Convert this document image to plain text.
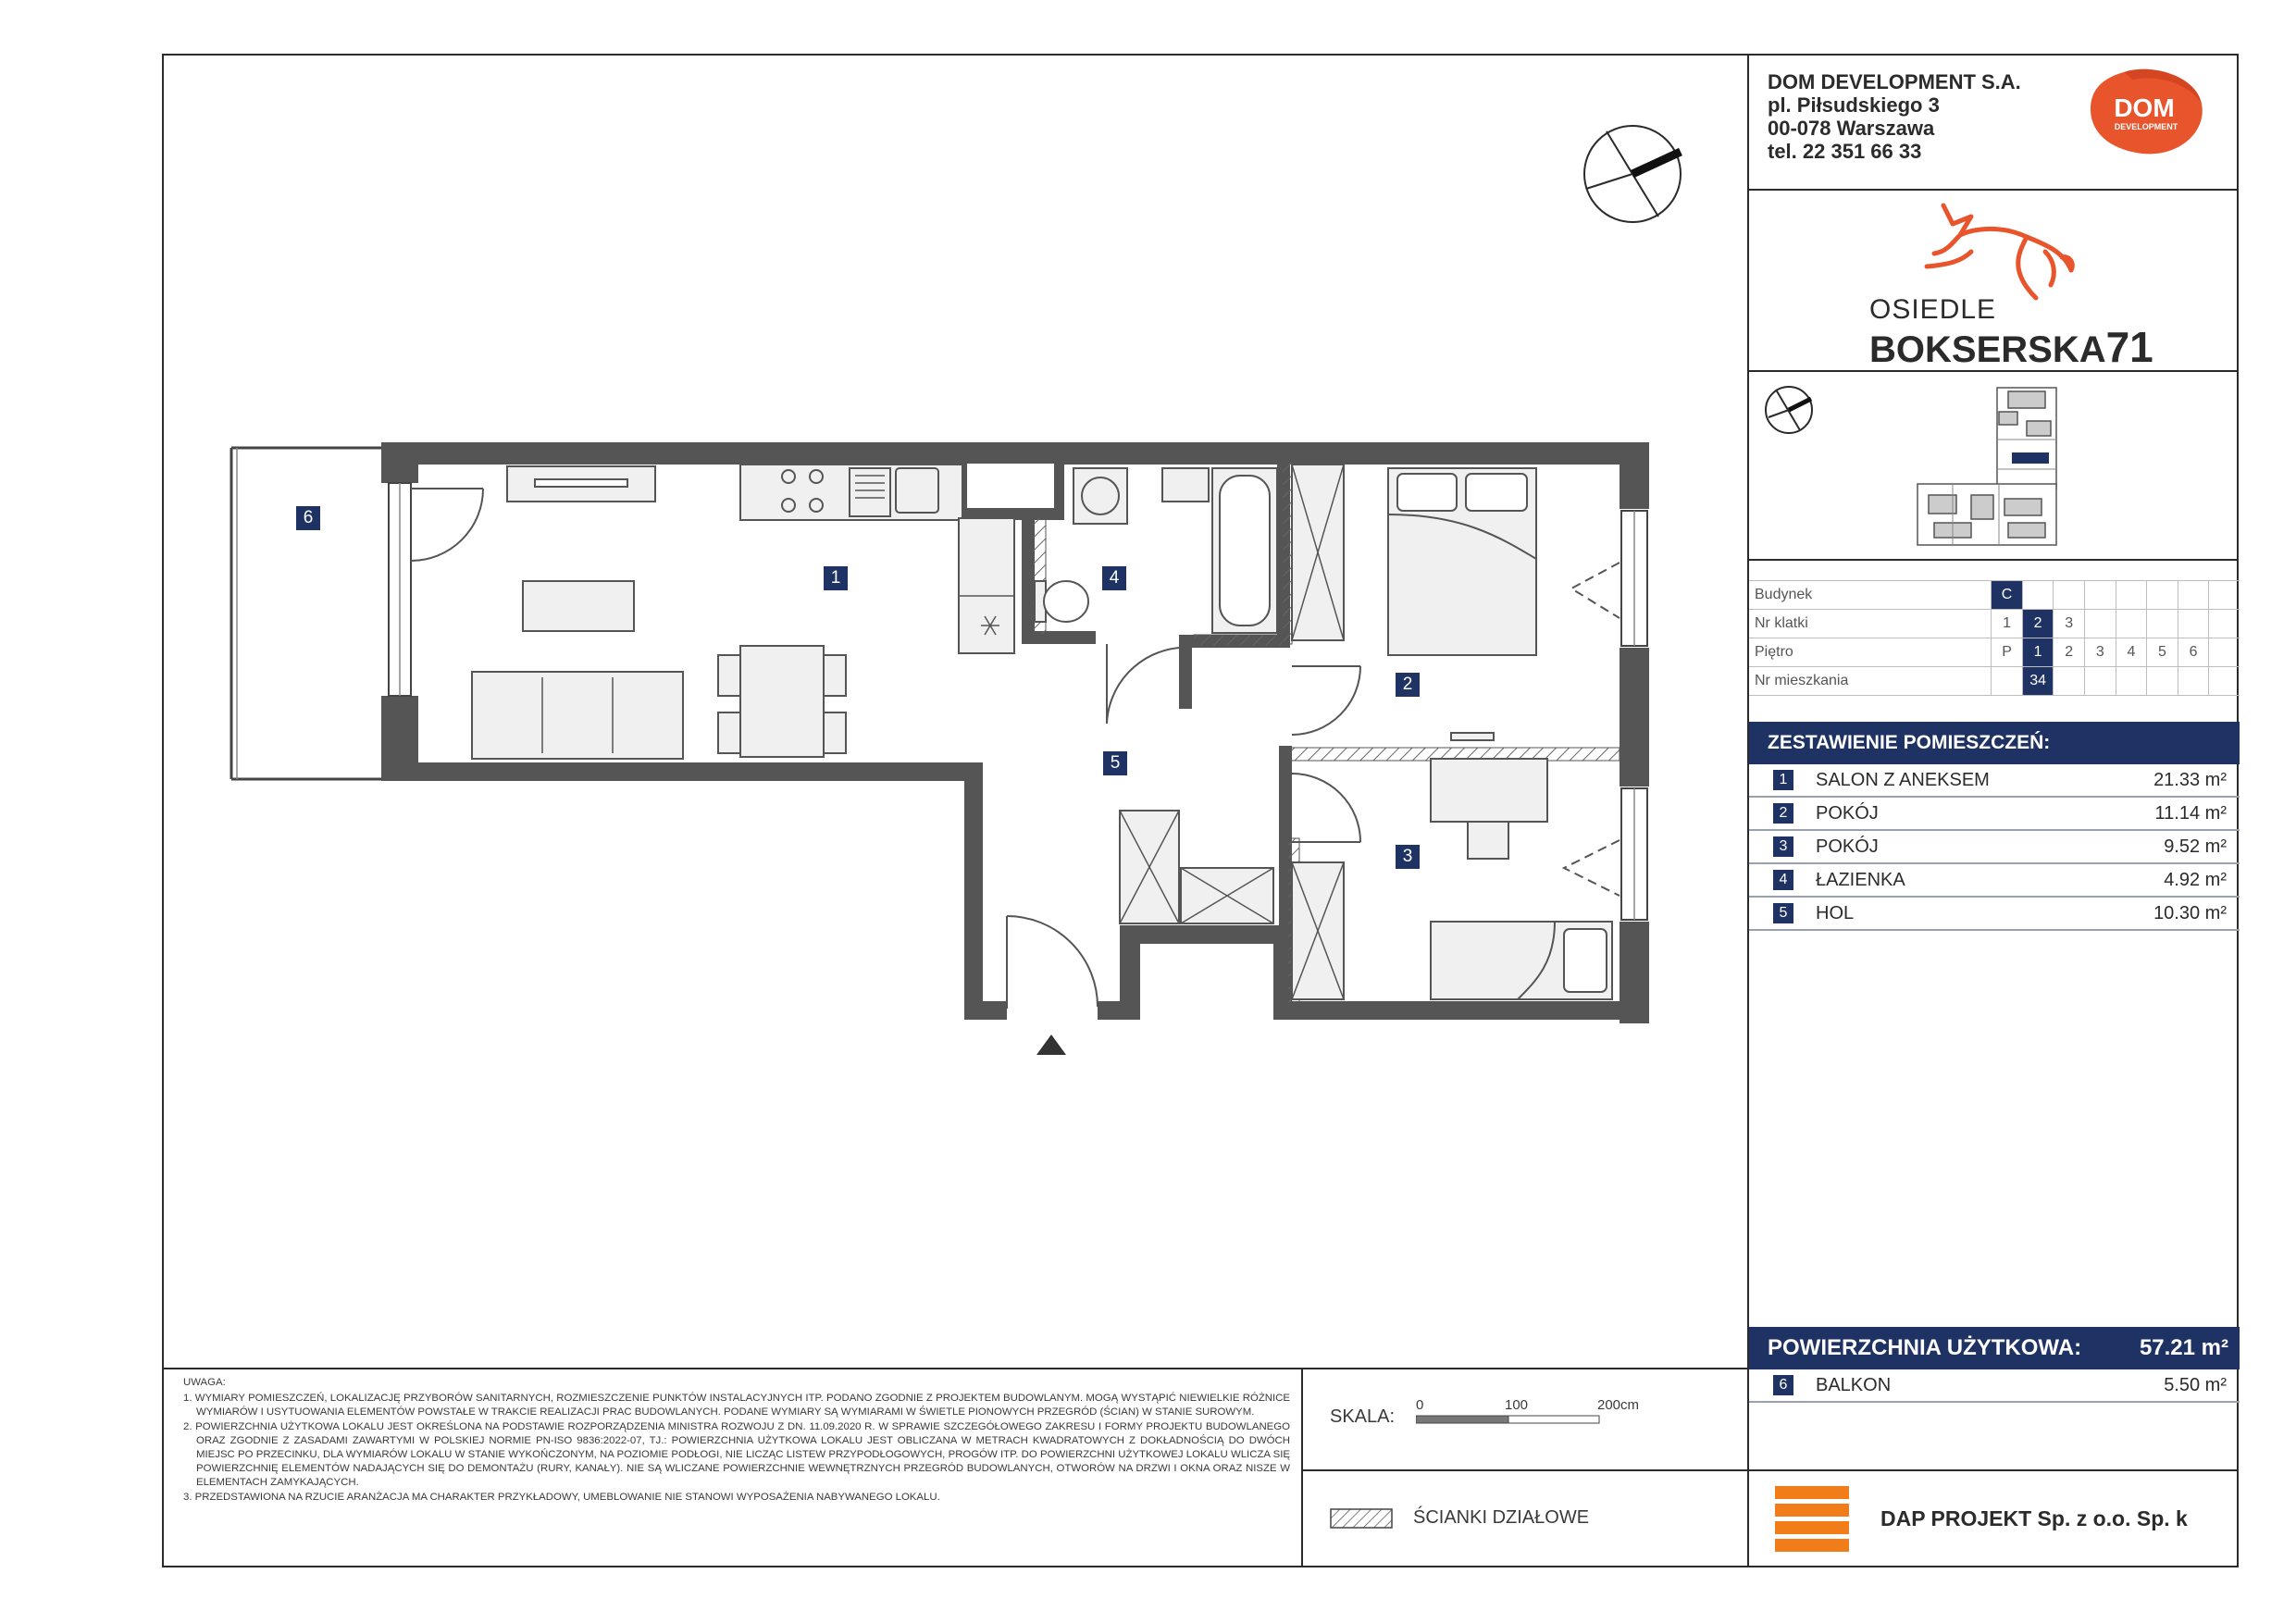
DOM DEVELOPMENT S.A.
pl. Piłsudskiego 3
00-078 Warszawa
tel. 22 351 66 33
DOM
DEVELOPMENT
OSIEDLE
BOKSERSKA71
Budynek	C							
Nr klatki	1	2	3					
Piętro	P	1	2	3	4	5	6	
Nr mieszkania		34						
ZESTAWIENIE POMIESZCZEŃ:
1	SALON Z ANEKSEM	21.33 m²
2	POKÓJ	11.14 m²
3	POKÓJ	9.52 m²
4	ŁAZIENKA	4.92 m²
5	HOL	10.30 m²
POWIERZCHNIA UŻYTKOWA:	57.21 m²
6	BALKON	5.50 m²
DAP PROJEKT Sp. z o.o. Sp. k
SKALA:
0	100	200cm
ŚCIANKI DZIAŁOWE
UWAGA:

1. WYMIARY POMIESZCZEŃ, LOKALIZACJĘ PRZYBORÓW SANITARNYCH, ROZMIESZCZENIE PUNKTÓW INSTALACYJNYCH ITP. PODANO ZGODNIE Z PROJEKTEM BUDOWLANYM. MOGĄ WYSTĄPIĆ NIEWIELKIE RÓŻNICE WYMIARÓW I USYTUOWANIA ELEMENTÓW POWSTAŁE W TRAKCIE REALIZACJI PRAC BUDOWLANYCH. PODANE WYMIARY SĄ WYMIARAMI W ŚWIETLE PIONOWYCH PRZEGRÓD (ŚCIAN) W STANIE SUROWYM.

2. POWIERZCHNIA UŻYTKOWA LOKALU JEST OKREŚLONA NA PODSTAWIE ROZPORZĄDZENIA MINISTRA ROZWOJU Z DN. 11.09.2020 R. W SPRAWIE SZCZEGÓŁOWEGO ZAKRESU I FORMY PROJEKTU BUDOWLANEGO ORAZ ZGODNIE Z ZASADAMI ZAWARTYMI W POLSKIEJ NORMIE PN-ISO 9836:2022-07, TJ.: POWIERZCHNIA UŻYTKOWA LOKALU JEST OBLICZANA W METRACH KWADRATOWYCH Z DOKŁADNOŚCIĄ DO DWÓCH MIEJSC PO PRZECINKU, DLA WYMIARÓW LOKALU W STANIE WYKOŃCZONYM, NA POZIOMIE PODŁOGI, NIE LICZĄC LISTEW PRZYPODŁOGOWYCH, PROGÓW ITP. DO POWIERZCHNI UŻYTKOWEJ LOKALU WLICZA SIĘ POWIERZCHNIĘ ELEMENTÓW NADAJĄCYCH SIĘ DO DEMONTAŻU (RURY, KANAŁY). NIE SĄ WLICZANE POWIERZCHNIE WEWNĘTRZNYCH PRZEGRÓD BUDOWLANYCH, OTWORÓW NA DRZWI I OKNA ORAZ NISZE W ELEMENTACH ZAMYKAJĄCYCH.

3. PRZEDSTAWIONA NA RZUCIE ARANŻACJA MA CHARAKTER PRZYKŁADOWY, UMEBLOWANIE NIE STANOWI WYPOSAŻENIA NABYWANEGO LOKALU.

1
2
3
4
5
6
